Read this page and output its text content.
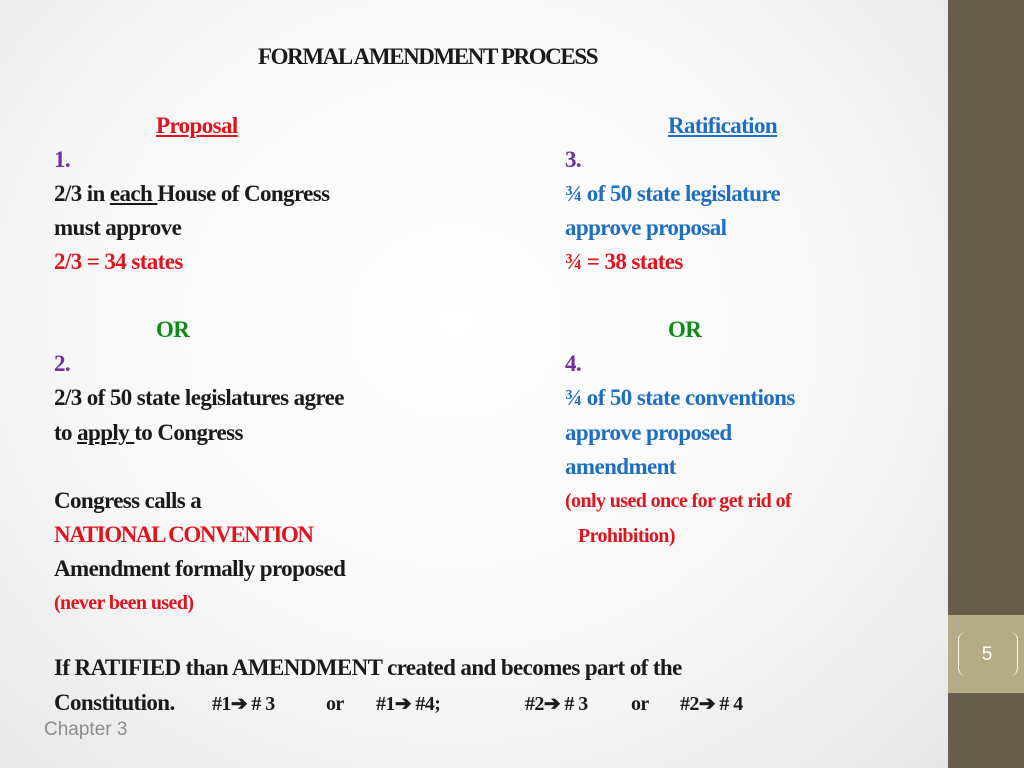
5

FORMAL AMENDMENT PROCESS

Proposal

1.

2/3 in each House of Congress

must approve

2/3 = 34 states

OR

2.

2/3 of 50 state legislatures agree

to apply to Congress

Congress calls a

NATIONAL CONVENTION

Amendment formally proposed

(never been used)

Ratification

3.

¾ of 50 state legislature

approve proposal

¾ = 38 states

OR

4.

¾ of 50 state conventions

approve proposed

amendment

(only used once for get rid of

Prohibition)

If RATIFIED than AMENDMENT created and becomes part of the

Constitution. #1➔ # 3	or #1➔ #4;	#2➔ # 3 or #2➔ # 4

Chapter 3
